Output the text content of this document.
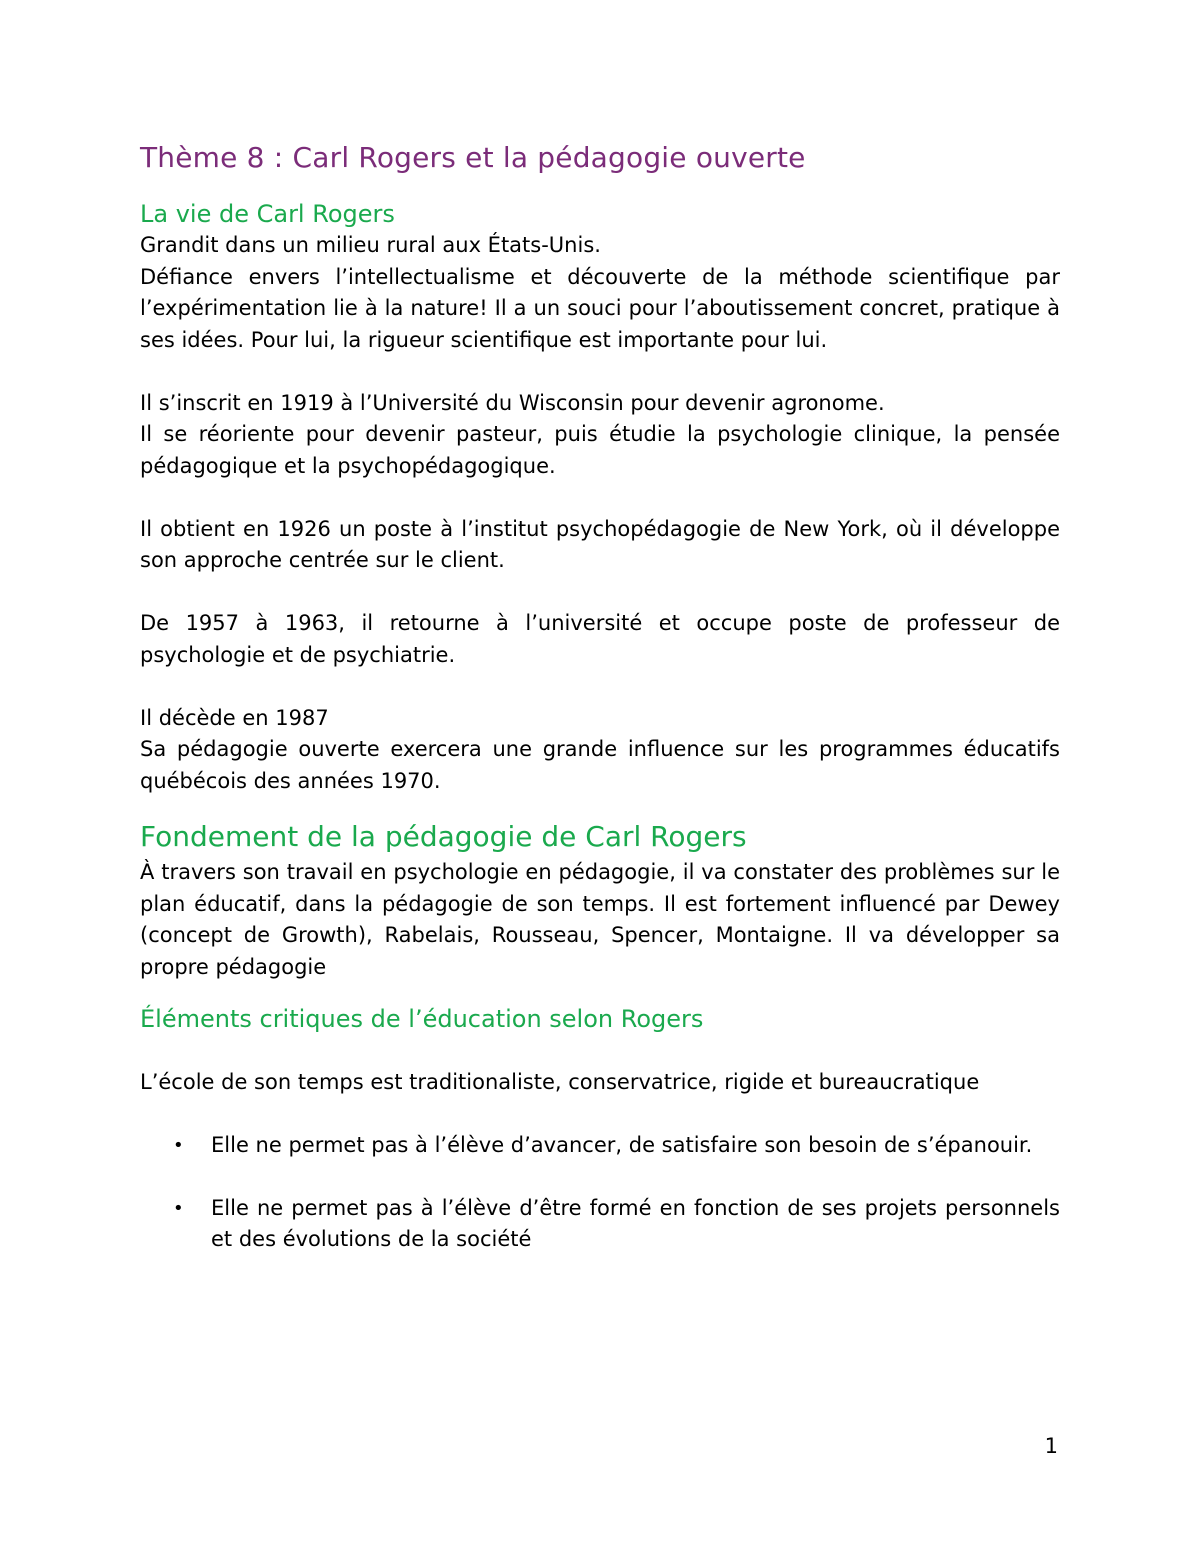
Thème 8 : Carl Rogers et la pédagogie ouverte
La vie de Carl Rogers

Grandit dans un milieu rural aux États-Unis.

Défiance envers l’intellectualisme et découverte de la méthode scientifique par l’expérimentation lie à la nature! Il a un souci pour l’aboutissement concret, pratique à ses idées. Pour lui, la rigueur scientifique est importante pour lui.

Il s’inscrit en 1919 à l’Université du Wisconsin pour devenir agronome.

Il se réoriente pour devenir pasteur, puis étudie la psychologie clinique, la pensée pédagogique et la psychopédagogique.

Il obtient en 1926 un poste à l’institut psychopédagogie de New York, où il développe son approche centrée sur le client.

De 1957 à 1963, il retourne à l’université et occupe poste de professeur de psychologie et de psychiatrie.

Il décède en 1987

Sa pédagogie ouverte exercera une grande influence sur les programmes éducatifs québécois des années 1970.

Fondement de la pédagogie de Carl Rogers

À travers son travail en psychologie en pédagogie, il va constater des problèmes sur le plan éducatif, dans la pédagogie de son temps. Il est fortement influencé par Dewey (concept de Growth), Rabelais, Rousseau, Spencer, Montaigne. Il va développer sa propre pédagogie

Éléments critiques de l’éducation selon Rogers

L’école de son temps est traditionaliste, conservatrice, rigide et bureaucratique

• Elle ne permet pas à l’élève d’avancer, de satisfaire son besoin de s’épanouir.
• Elle ne permet pas à l’élève d’être formé en fonction de ses projets personnels et des évolutions de la société
1
